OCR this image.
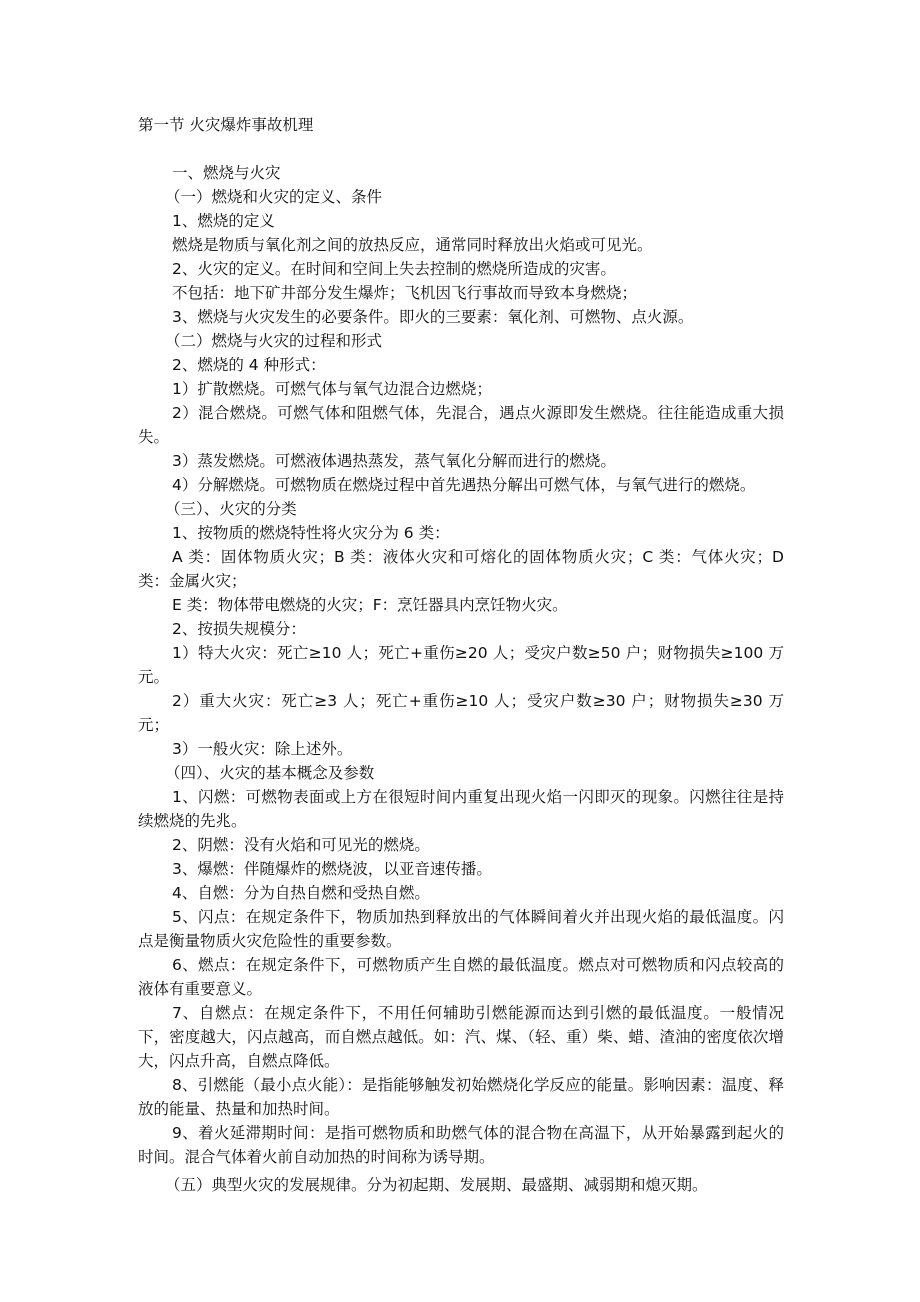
第一节 火灾爆炸事故机理

一、燃烧与火灾

（一）燃烧和火灾的定义、条件

1、燃烧的定义

燃烧是物质与氧化剂之间的放热反应，通常同时释放出火焰或可见光。

2、火灾的定义。在时间和空间上失去控制的燃烧所造成的灾害。

不包括：地下矿井部分发生爆炸；飞机因飞行事故而导致本身燃烧；

3、燃烧与火灾发生的必要条件。即火的三要素：氧化剂、可燃物、点火源。

（二）燃烧与火灾的过程和形式

2、燃烧的 4 种形式：

1）扩散燃烧。可燃气体与氧气边混合边燃烧；

2）混合燃烧。可燃气体和阻燃气体，先混合，遇点火源即发生燃烧。往往能造成重大损失。

3）蒸发燃烧。可燃液体遇热蒸发，蒸气氧化分解而进行的燃烧。

4）分解燃烧。可燃物质在燃烧过程中首先遇热分解出可燃气体，与氧气进行的燃烧。

（三）、火灾的分类

1、按物质的燃烧特性将火灾分为 6 类：

A 类：固体物质火灾；B 类：液体火灾和可熔化的固体物质火灾；C 类：气体火灾；D 类：金属火灾；

E 类：物体带电燃烧的火灾；F：烹饪器具内烹饪物火灾。

2、按损失规模分：

1）特大火灾：死亡≥10 人；死亡+重伤≥20 人；受灾户数≥50 户；财物损失≥100 万元。

2）重大火灾：死亡≥3 人；死亡+重伤≥10 人；受灾户数≥30 户；财物损失≥30 万元；

3）一般火灾：除上述外。

（四）、火灾的基本概念及参数

1、闪燃：可燃物表面或上方在很短时间内重复出现火焰一闪即灭的现象。闪燃往往是持续燃烧的先兆。

2、阴燃：没有火焰和可见光的燃烧。

3、爆燃：伴随爆炸的燃烧波，以亚音速传播。

4、自燃：分为自热自燃和受热自燃。

5、闪点：在规定条件下，物质加热到释放出的气体瞬间着火并出现火焰的最低温度。闪点是衡量物质火灾危险性的重要参数。

6、燃点：在规定条件下，可燃物质产生自燃的最低温度。燃点对可燃物质和闪点较高的液体有重要意义。

7、自燃点：在规定条件下，不用任何辅助引燃能源而达到引燃的最低温度。一般情况下，密度越大，闪点越高，而自燃点越低。如：汽、煤、（轻、重）柴、蜡、渣油的密度依次增大，闪点升高，自燃点降低。

8、引燃能（最小点火能）：是指能够触发初始燃烧化学反应的能量。影响因素：温度、释放的能量、热量和加热时间。

9、着火延滞期时间：是指可燃物质和助燃气体的混合物在高温下，从开始暴露到起火的时间。混合气体着火前自动加热的时间称为诱导期。

（五）典型火灾的发展规律。分为初起期、发展期、最盛期、减弱期和熄灭期。
